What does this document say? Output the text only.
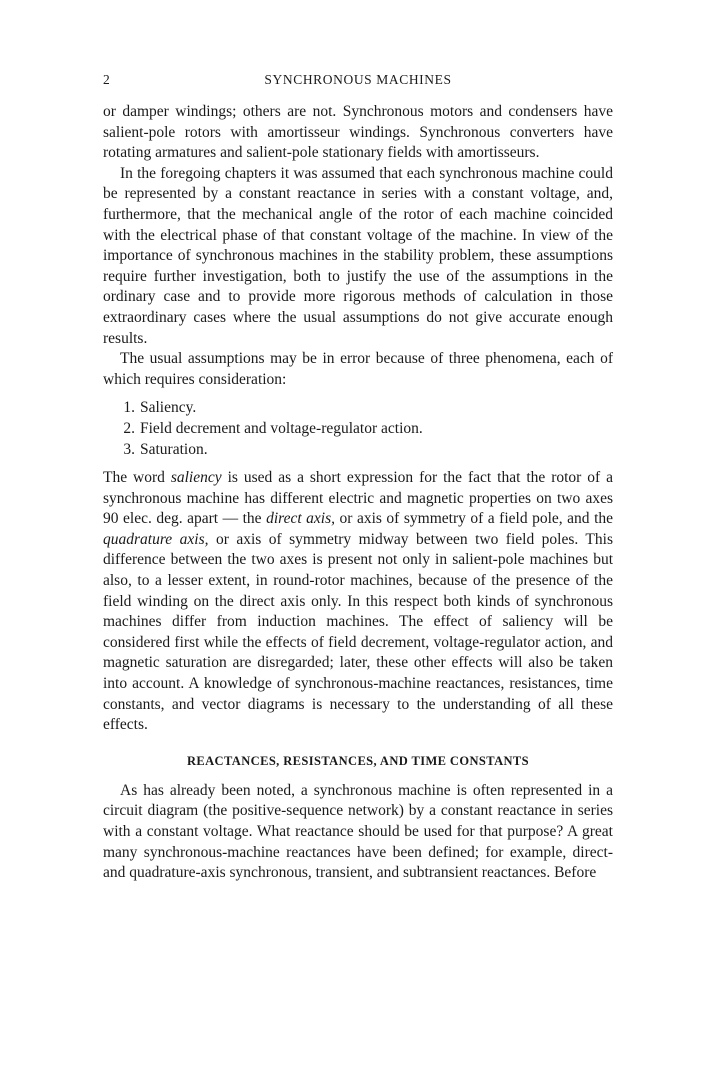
2	SYNCHRONOUS MACHINES

or damper windings; others are not. Synchronous motors and condensers have salient-pole rotors with amortisseur windings. Synchronous converters have rotating armatures and salient-pole stationary fields with amortisseurs.

In the foregoing chapters it was assumed that each synchronous machine could be represented by a constant reactance in series with a constant voltage, and, furthermore, that the mechanical angle of the rotor of each machine coincided with the electrical phase of that constant voltage of the machine. In view of the importance of synchronous machines in the stability problem, these assumptions require further investigation, both to justify the use of the assumptions in the ordinary case and to provide more rigorous methods of calculation in those extraordinary cases where the usual assumptions do not give accurate enough results.

The usual assumptions may be in error because of three phenomena, each of which requires consideration:

1. Saliency.
2. Field decrement and voltage-regulator action.
3. Saturation.

The word saliency is used as a short expression for the fact that the rotor of a synchronous machine has different electric and magnetic properties on two axes 90 elec. deg. apart — the direct axis, or axis of symmetry of a field pole, and the quadrature axis, or axis of symmetry midway between two field poles. This difference between the two axes is present not only in salient-pole machines but also, to a lesser extent, in round-rotor machines, because of the presence of the field winding on the direct axis only. In this respect both kinds of synchronous machines differ from induction machines. The effect of saliency will be considered first while the effects of field decrement, voltage-regulator action, and magnetic saturation are disregarded; later, these other effects will also be taken into account. A knowledge of synchronous-machine reactances, resistances, time constants, and vector diagrams is necessary to the understanding of all these effects.

REACTANCES, RESISTANCES, AND TIME CONSTANTS

As has already been noted, a synchronous machine is often represented in a circuit diagram (the positive-sequence network) by a constant reactance in series with a constant voltage. What reactance should be used for that purpose? A great many synchronous-machine reactances have been defined; for example, direct- and quadrature-axis synchronous, transient, and subtransient reactances. Before
